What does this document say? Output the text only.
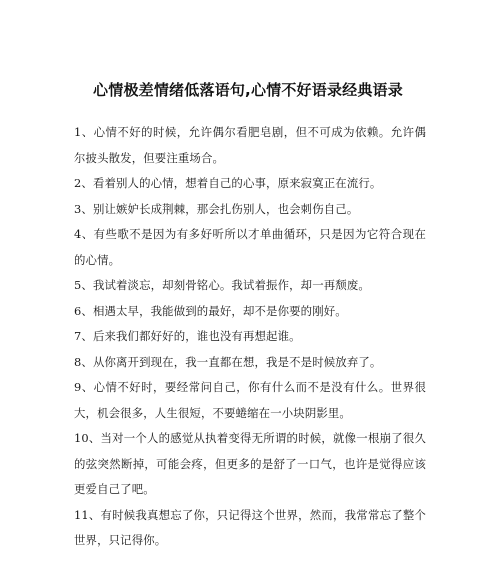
心情极差情绪低落语句,心情不好语录经典语录

1、心情不好的时候，允许偶尔看肥皂剧，但不可成为依赖。允许偶尔披头散发，但要注重场合。

2、看着别人的心情，想着自己的心事，原来寂寞正在流行。

3、别让嫉妒长成荆棘，那会扎伤别人，也会刺伤自己。

4、有些歌不是因为有多好听所以才单曲循环，只是因为它符合现在的心情。

5、我试着淡忘，却刻骨铭心。我试着振作，却一再颓废。

6、相遇太早，我能做到的最好，却不是你要的刚好。

7、后来我们都好好的，谁也没有再想起谁。

8、从你离开到现在，我一直都在想，我是不是时候放弃了。

9、心情不好时，要经常问自己，你有什么而不是没有什么。世界很大，机会很多，人生很短，不要蜷缩在一小块阴影里。

10、当对一个人的感觉从执着变得无所谓的时候，就像一根崩了很久的弦突然断掉，可能会疼，但更多的是舒了一口气，也许是觉得应该更爱自己了吧。

11、有时候我真想忘了你，只记得这个世界，然而，我常常忘了整个世界，只记得你。
